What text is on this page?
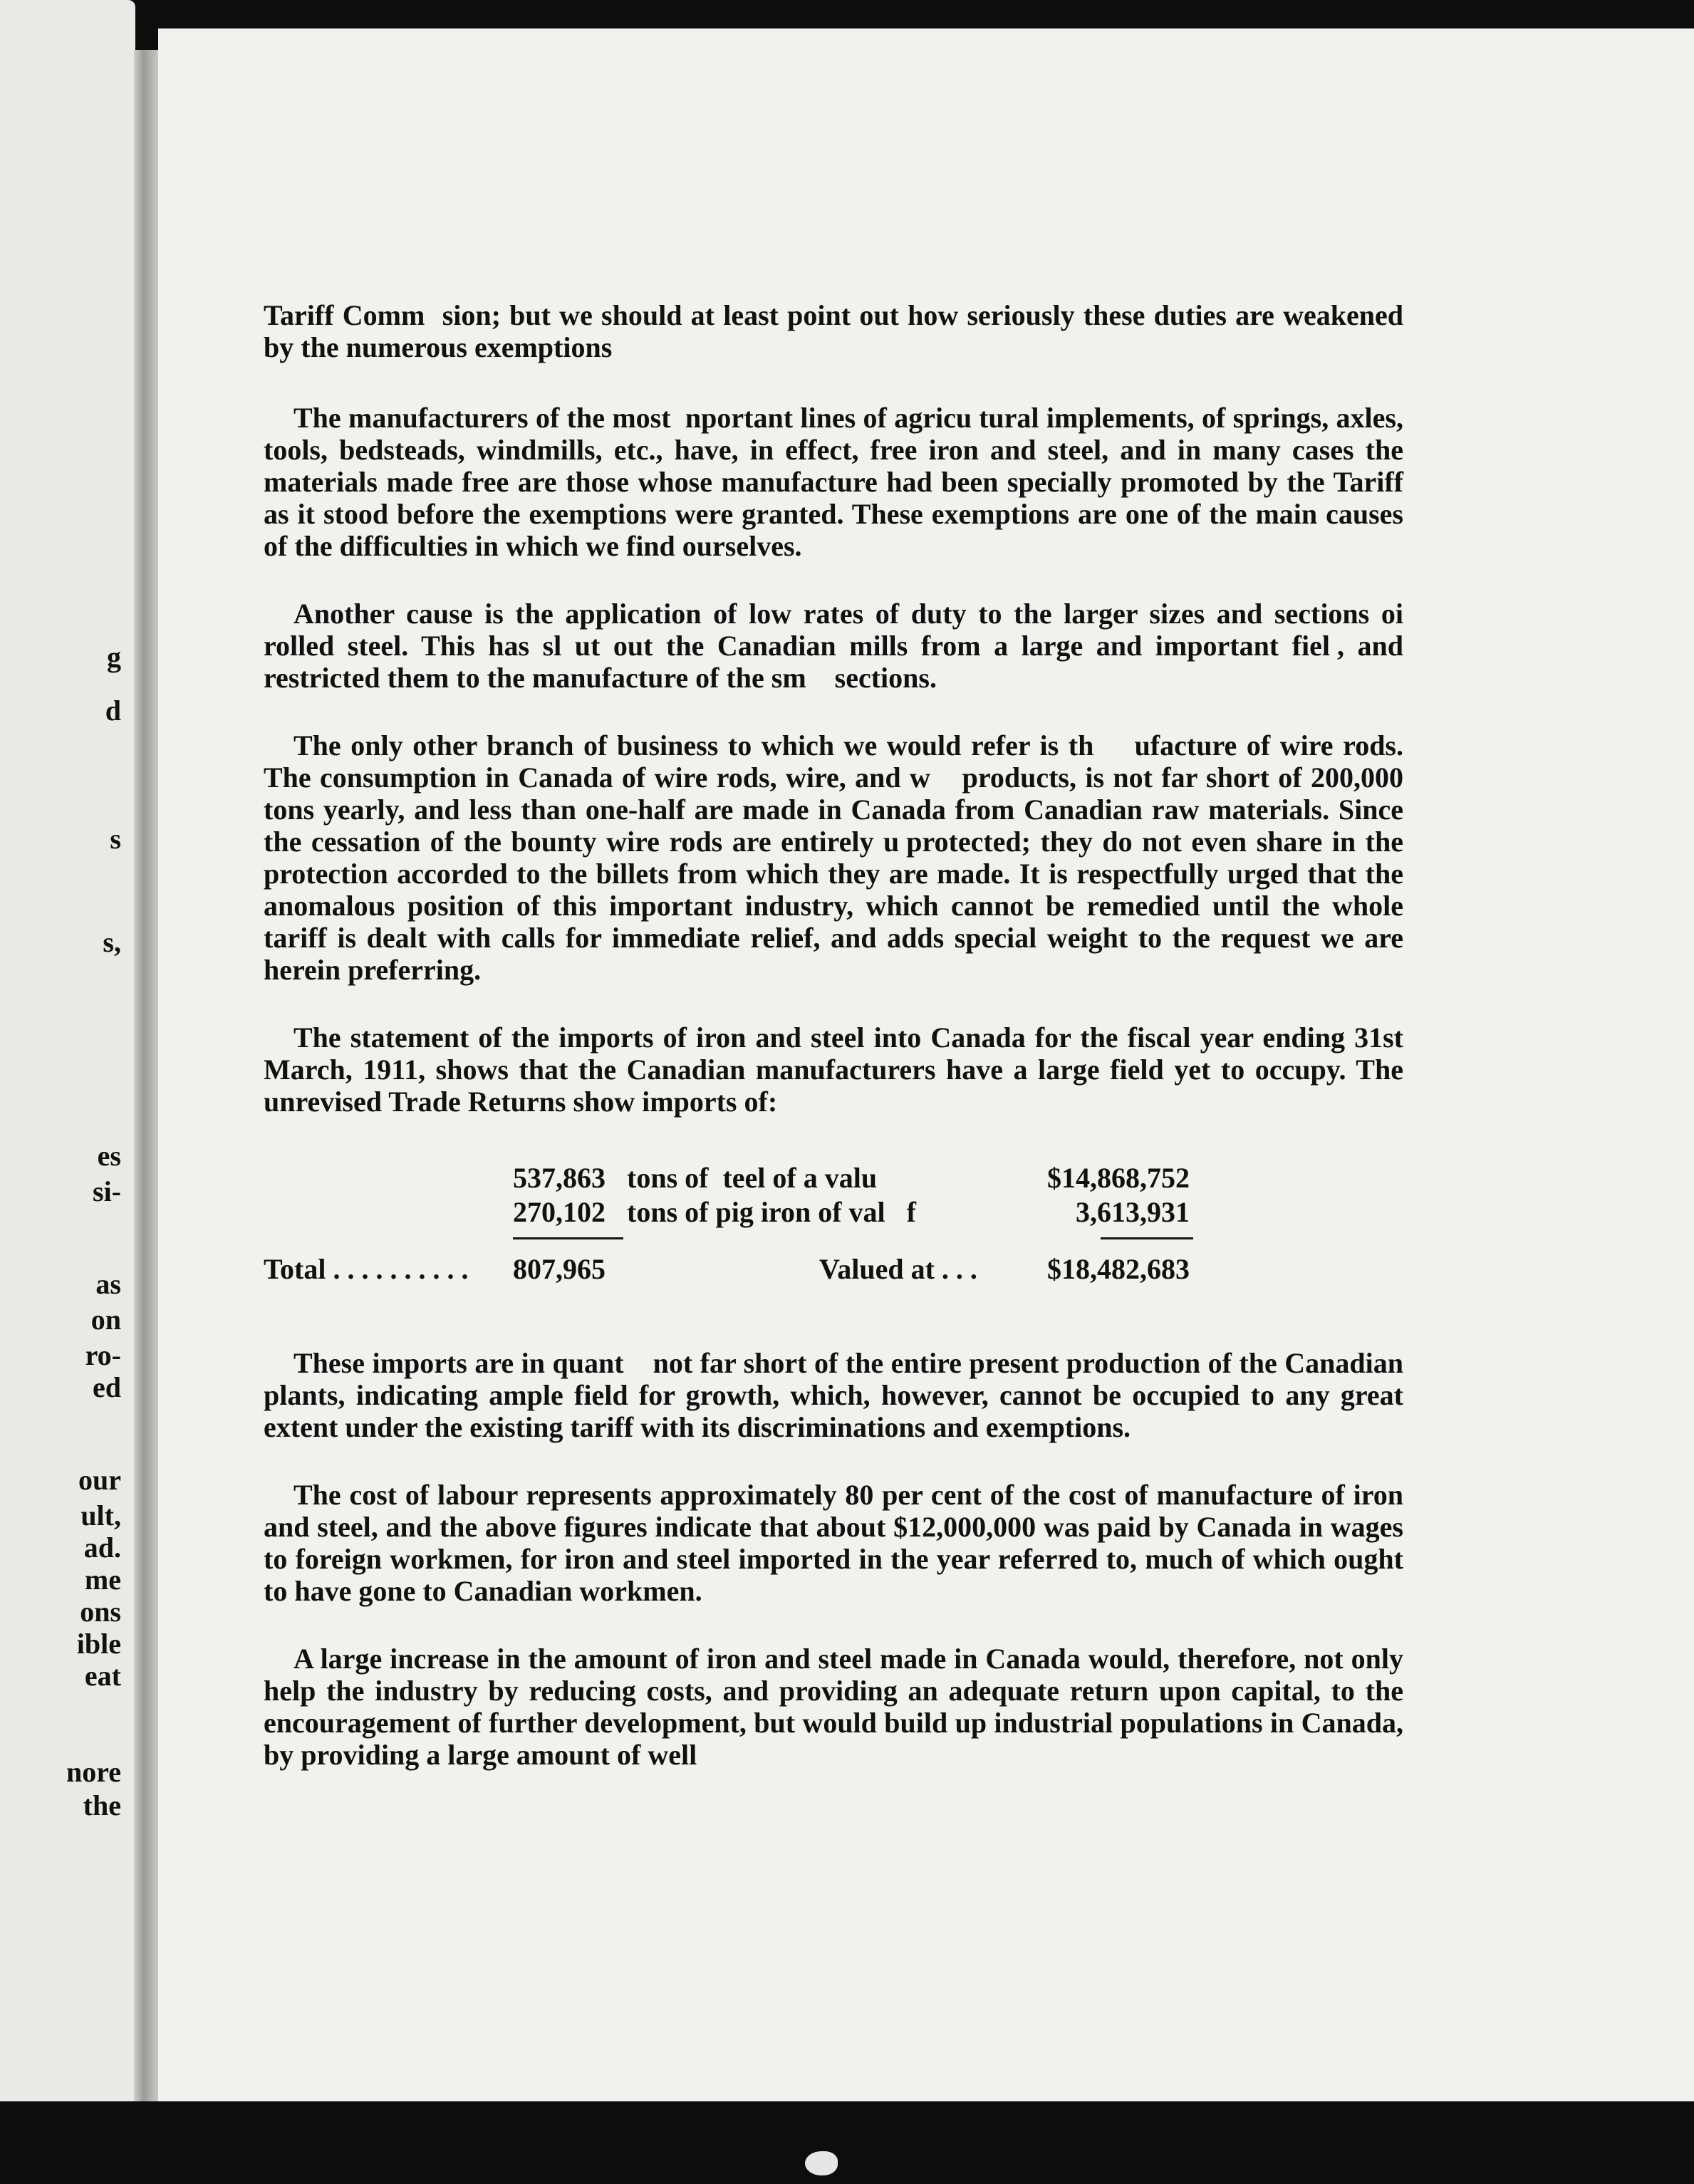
g
d
s
s,
es
si-
as
on
ro-
ed
our
ult,
ad.
me
ons
ible
eat
nore
the

Tariff Comm  sion; but we should at least point out how seriously these duties are weakened by the numerous exemptions

The manufacturers of the most  nportant lines of agricu tural implements, of springs, axles, tools, bedsteads, windmills, etc., have, in effect, free iron and steel, and in many cases the materials made free are those whose manufacture had been specially promoted by the Tariff as it stood before the exemptions were granted. These exemptions are one of the main causes of the difficulties in which we find ourselves.

Another cause is the application of low rates of duty to the larger sizes and sections oi rolled steel. This has sl ut out the Canadian mills from a large and important fiel , and restricted them to the manufacture of the sm    sections.

The only other branch of business to which we would refer is th     ufacture of wire rods. The consumption in Canada of wire rods, wire, and w    products, is not far short of 200,000 tons yearly, and less than one-half are made in Canada from Canadian raw materials. Since the cessation of the bounty wire rods are entirely u protected; they do not even share in the protection accorded to the billets from which they are made. It is respectfully urged that the anomalous position of this important industry, which cannot be remedied until the whole tariff is dealt with calls for immediate relief, and adds special weight to the request we are herein preferring.

The statement of the imports of iron and steel into Canada for the fiscal year ending 31st March, 1911, shows that the Canadian manufacturers have a large field yet to occupy. The unrevised Trade Returns show imports of:

537,863 tons of  teel of a valu    	$14,868,752
270,102 tons of pig iron of val   f	3,613,931
Total . . . . . . . . . . 807,965	Valued at . . . $18,482,683

These imports are in quant    not far short of the entire present production of the Canadian plants, indicating ample field for growth, which, however, cannot be occupied to any great extent under the existing tariff with its discriminations and exemptions.

The cost of labour represents approximately 80 per cent of the cost of manufacture of iron and steel, and the above figures indicate that about $12,000,000 was paid by Canada in wages to foreign workmen, for iron and steel imported in the year referred to, much of which ought to have gone to Canadian workmen.

A large increase in the amount of iron and steel made in Canada would, therefore, not only help the industry by reducing costs, and providing an adequate return upon capital, to the encouragement of further development, but would build up industrial populations in Canada, by providing a large amount of well
